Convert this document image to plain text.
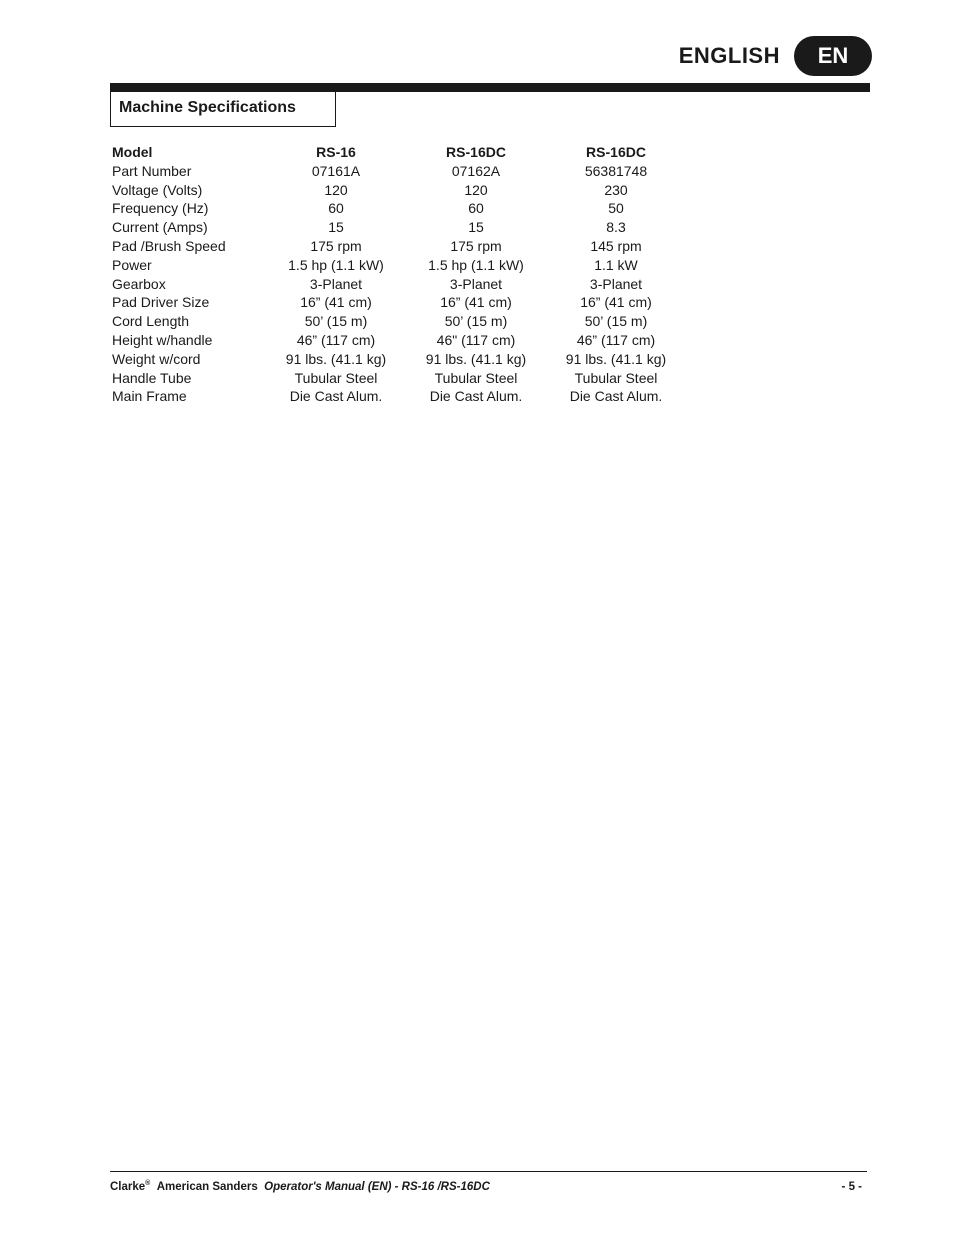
ENGLISH	EN
Machine Specifications
Model	RS-16	RS-16DC	RS-16DC
Part Number	07161A	07162A	56381748
Voltage (Volts)	120	120	230
Frequency (Hz)	60	60	50
Current (Amps)	15	15	8.3
Pad /Brush Speed	175 rpm	175 rpm	145 rpm
Power	1.5 hp (1.1 kW)	1.5 hp (1.1 kW)	1.1 kW
Gearbox	3-Planet	3-Planet	3-Planet
Pad Driver Size	16” (41 cm)	16” (41 cm)	16” (41 cm)
Cord Length	50’ (15 m)	50’ (15 m)	50’ (15 m)
Height w/handle	46” (117 cm)	46" (117 cm)	46” (117 cm)
Weight w/cord	91 lbs. (41.1 kg)	91 lbs. (41.1 kg)	91 lbs. (41.1 kg)
Handle Tube	Tubular Steel	Tubular Steel	Tubular Steel
Main Frame	Die Cast Alum.	Die Cast Alum.	Die Cast Alum.
Clarke® American Sanders Operator's Manual (EN) - RS-16 /RS-16DC	- 5 -
